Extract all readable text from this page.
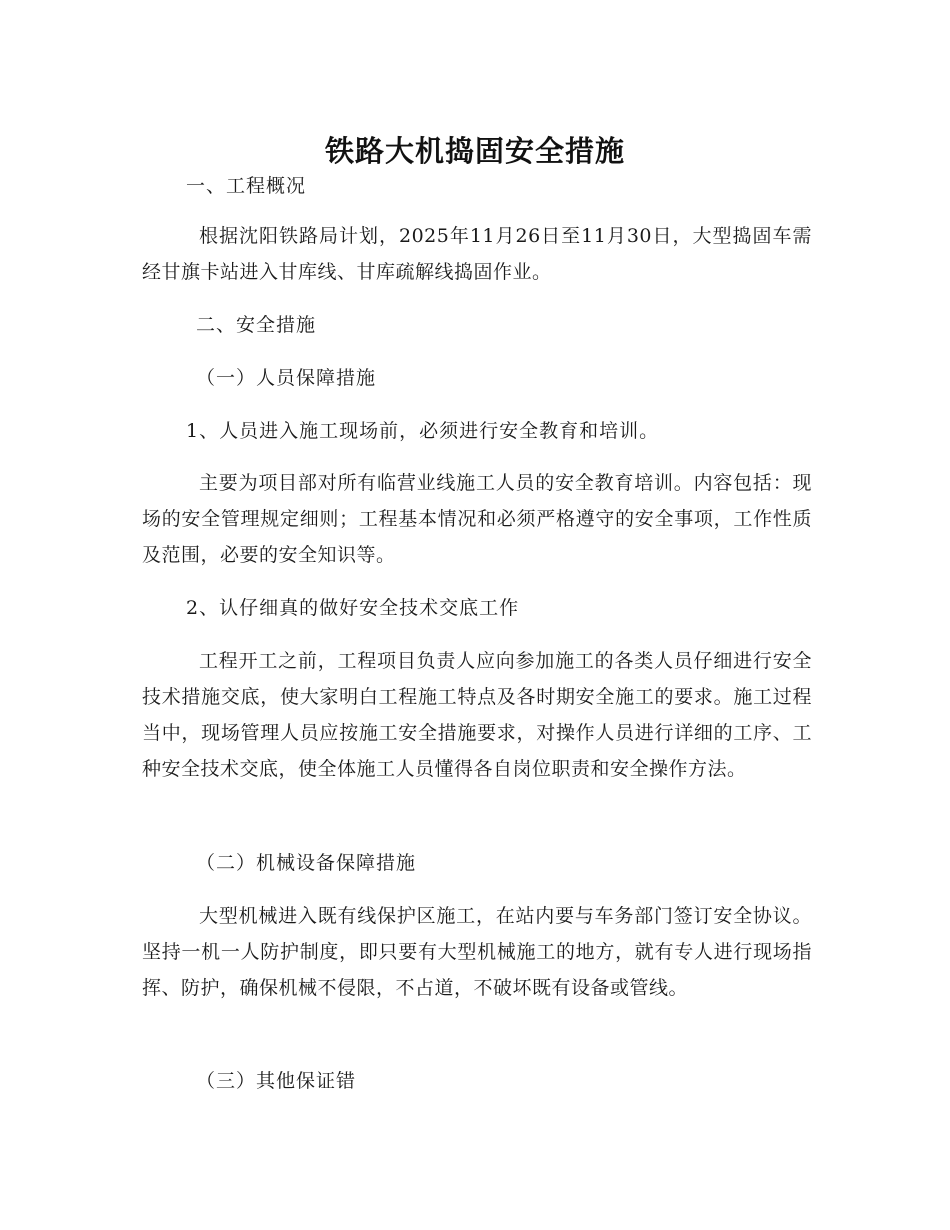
铁路大机捣固安全措施

一、工程概况

根据沈阳铁路局计划，2025年11月26日至11月30日，大型捣固车需经甘旗卡站进入甘库线、甘库疏解线捣固作业。

二、安全措施

（一）人员保障措施

1、人员进入施工现场前，必须进行安全教育和培训。

主要为项目部对所有临营业线施工人员的安全教育培训。内容包括：现场的安全管理规定细则；工程基本情况和必须严格遵守的安全事项，工作性质及范围，必要的安全知识等。

2、认仔细真的做好安全技术交底工作

工程开工之前，工程项目负责人应向参加施工的各类人员仔细进行安全技术措施交底，使大家明白工程施工特点及各时期安全施工的要求。施工过程当中，现场管理人员应按施工安全措施要求，对操作人员进行详细的工序、工种安全技术交底，使全体施工人员懂得各自岗位职责和安全操作方法。

（二）机械设备保障措施

大型机械进入既有线保护区施工，在站内要与车务部门签订安全协议。坚持一机一人防护制度，即只要有大型机械施工的地方，就有专人进行现场指挥、防护，确保机械不侵限，不占道，不破坏既有设备或管线。

（三）其他保证错
